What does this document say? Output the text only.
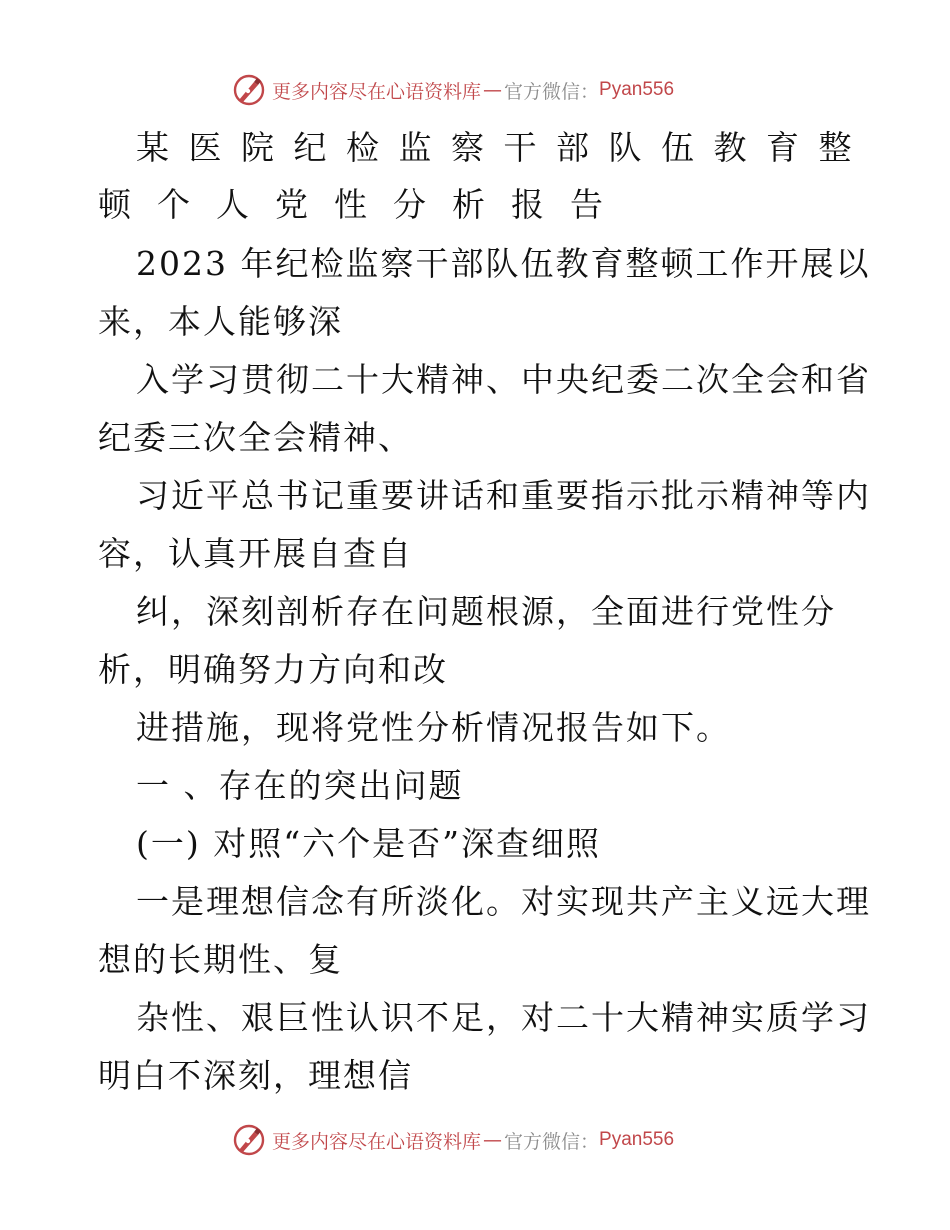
更多内容尽在心语资料库 — 官方微信： Pyan556
某医院纪检监察干部队伍教育整
顿个人党性分析报告
2023 年纪检监察干部队伍教育整顿工作开展以
来，本人能够深
入学习贯彻二十大精神、中央纪委二次全会和省
纪委三次全会精神、
习近平总书记重要讲话和重要指示批示精神等内
容，认真开展自查自
纠，深刻剖析存在问题根源，全面进行党性分
析，明确努力方向和改
进措施，现将党性分析情况报告如下。
一 、存在的突出问题
(一) 对照“六个是否”深查细照
一是理想信念有所淡化。对实现共产主义远大理
想的长期性、复
杂性、艰巨性认识不足，对二十大精神实质学习
明白不深刻，理想信
更多内容尽在心语资料库 — 官方微信： Pyan556
